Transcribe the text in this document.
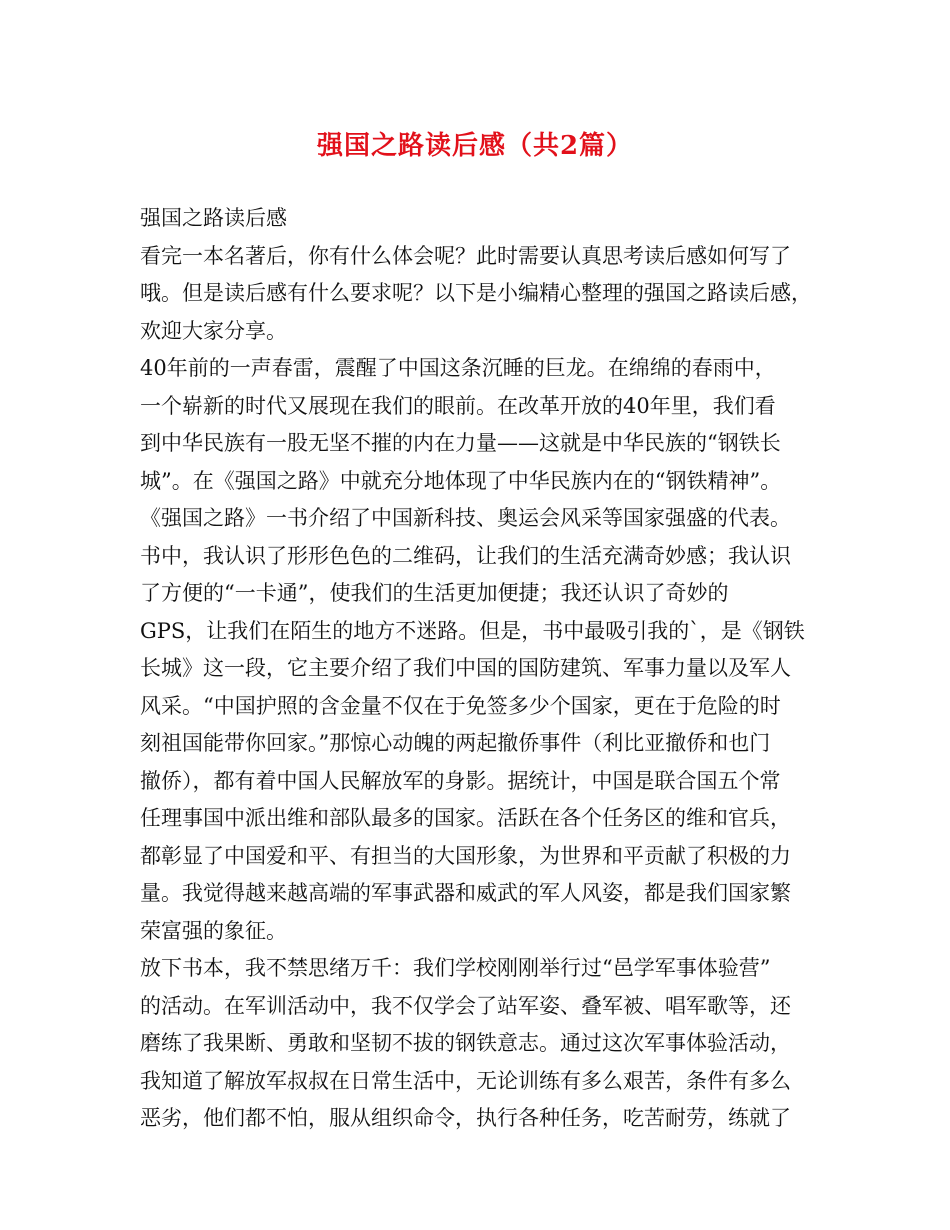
强国之路读后感（共2篇）
强国之路读后感
看完一本名著后，你有什么体会呢？此时需要认真思考读后感如何写了
哦。但是读后感有什么要求呢？以下是小编精心整理的强国之路读后感，
欢迎大家分享。
40年前的一声春雷，震醒了中国这条沉睡的巨龙。在绵绵的春雨中，
一个崭新的时代又展现在我们的眼前。在改革开放的40年里，我们看
到中华民族有一股无坚不摧的内在力量——这就是中华民族的“钢铁长
城”。在《强国之路》中就充分地体现了中华民族内在的“钢铁精神”。
《强国之路》一书介绍了中国新科技、奥运会风采等国家强盛的代表。
书中，我认识了形形色色的二维码，让我们的生活充满奇妙感；我认识
了方便的“一卡通”，使我们的生活更加便捷；我还认识了奇妙的
GPS，让我们在陌生的地方不迷路。但是，书中最吸引我的`，是《钢铁
长城》这一段，它主要介绍了我们中国的国防建筑、军事力量以及军人
风采。“中国护照的含金量不仅在于免签多少个国家，更在于危险的时
刻祖国能带你回家。”那惊心动魄的两起撤侨事件（利比亚撤侨和也门
撤侨），都有着中国人民解放军的身影。据统计，中国是联合国五个常
任理事国中派出维和部队最多的国家。活跃在各个任务区的维和官兵，
都彰显了中国爱和平、有担当的大国形象，为世界和平贡献了积极的力
量。我觉得越来越高端的军事武器和威武的军人风姿，都是我们国家繁
荣富强的象征。
放下书本，我不禁思绪万千：我们学校刚刚举行过“邑学军事体验营”
的活动。在军训活动中，我不仅学会了站军姿、叠军被、唱军歌等，还
磨练了我果断、勇敢和坚韧不拔的钢铁意志。通过这次军事体验活动，
我知道了解放军叔叔在日常生活中，无论训练有多么艰苦，条件有多么
恶劣，他们都不怕，服从组织命令，执行各种任务，吃苦耐劳，练就了
